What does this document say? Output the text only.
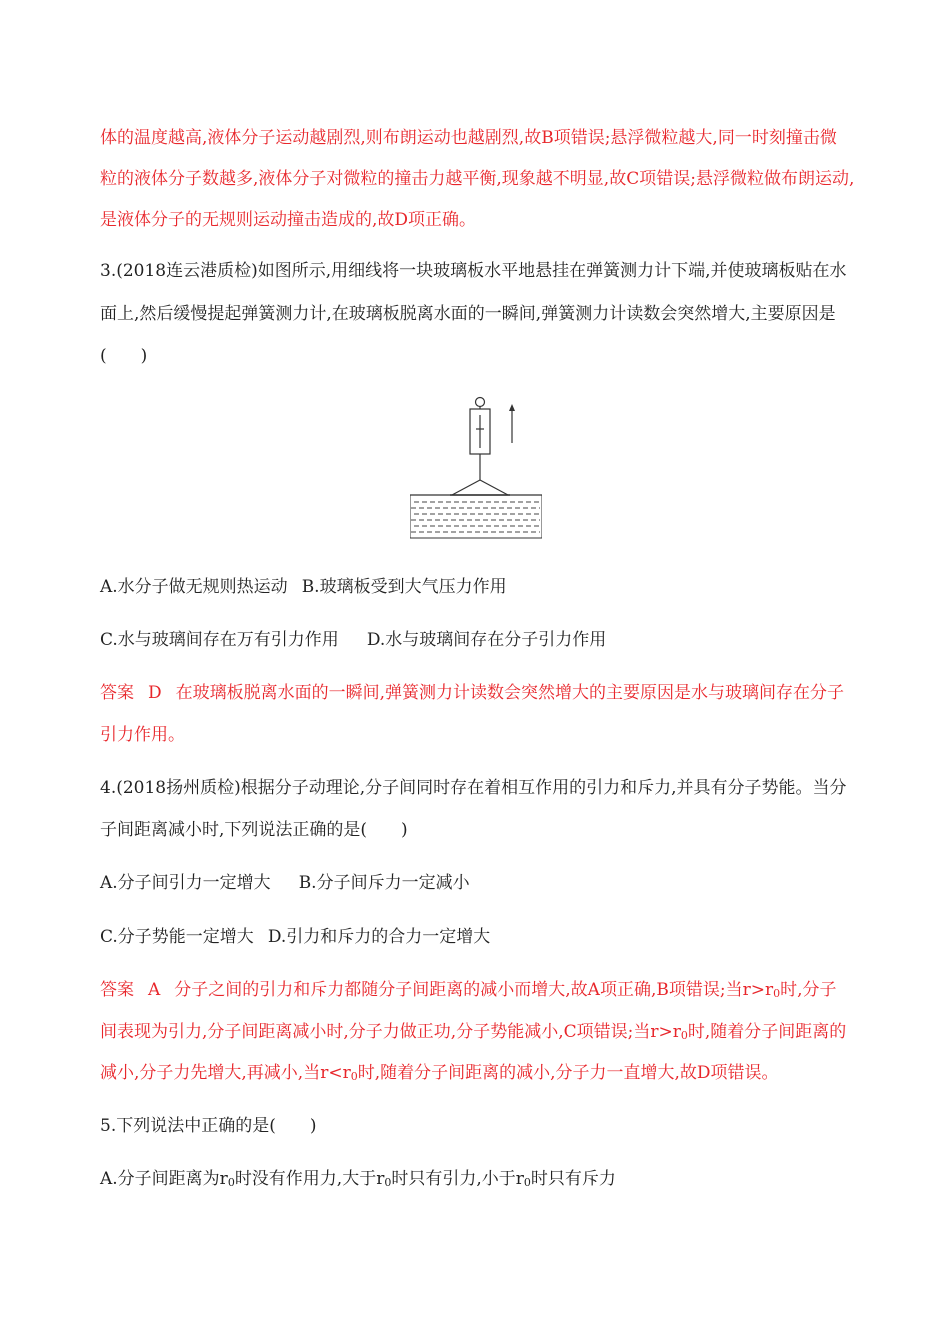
体的温度越高,液体分子运动越剧烈,则布朗运动也越剧烈,故B项错误;悬浮微粒越大,同一时刻撞击微
粒的液体分子数越多,液体分子对微粒的撞击力越平衡,现象越不明显,故C项错误;悬浮微粒做布朗运动,
是液体分子的无规则运动撞击造成的,故D项正确。
3.(2018连云港质检)如图所示,用细线将一块玻璃板水平地悬挂在弹簧测力计下端,并使玻璃板贴在水
面上,然后缓慢提起弹簧测力计,在玻璃板脱离水面的一瞬间,弹簧测力计读数会突然增大,主要原因是
(　　)
A.水分子做无规则热运动 B.玻璃板受到大气压力作用
C.水与玻璃间存在万有引力作用 D.水与玻璃间存在分子引力作用
答案 D 在玻璃板脱离水面的一瞬间,弹簧测力计读数会突然增大的主要原因是水与玻璃间存在分子
引力作用。
4.(2018扬州质检)根据分子动理论,分子间同时存在着相互作用的引力和斥力,并具有分子势能。当分
子间距离减小时,下列说法正确的是(　　)
A.分子间引力一定增大 B.分子间斥力一定减小
C.分子势能一定增大 D.引力和斥力的合力一定增大
答案 A 分子之间的引力和斥力都随分子间距离的减小而增大,故A项正确,B项错误;当r>r0时,分子
间表现为引力,分子间距离减小时,分子力做正功,分子势能减小,C项错误;当r>r0时,随着分子间距离的
减小,分子力先增大,再减小,当r<r0时,随着分子间距离的减小,分子力一直增大,故D项错误。
5.下列说法中正确的是(　　)
A.分子间距离为r0时没有作用力,大于r0时只有引力,小于r0时只有斥力
